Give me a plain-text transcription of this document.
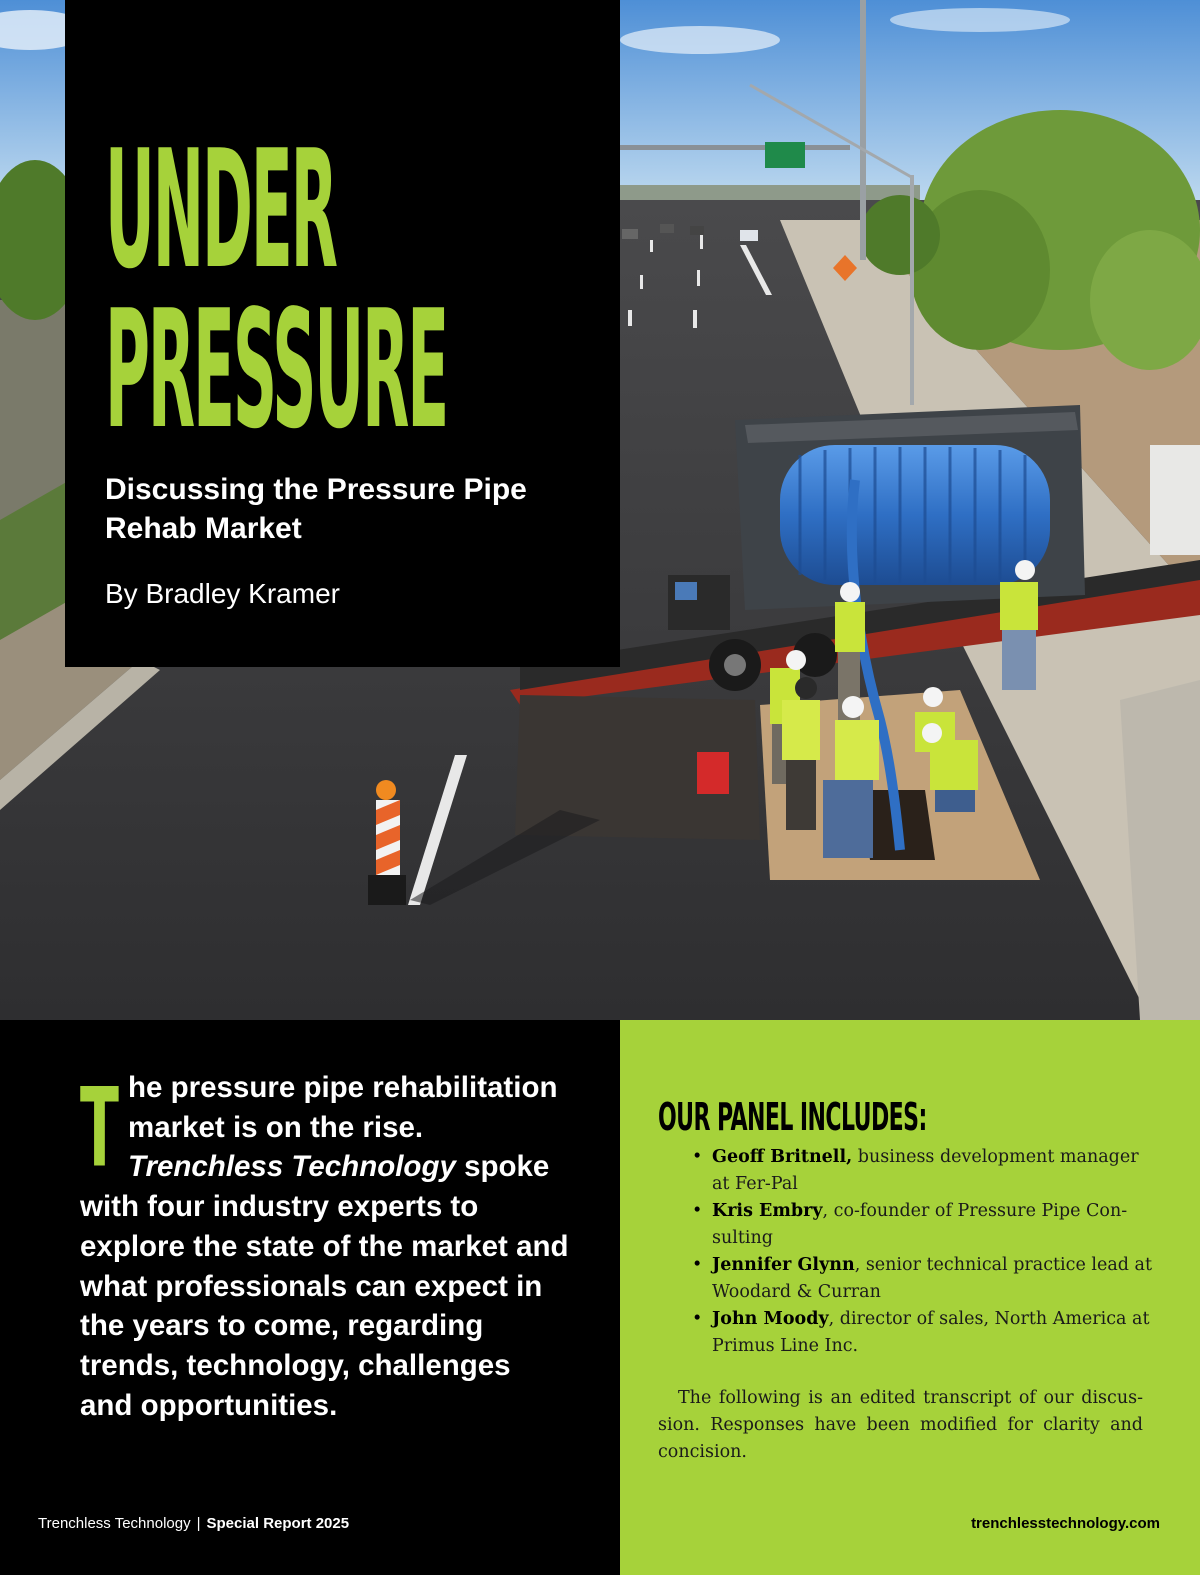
UNDER
PRESSURE

Discussing the Pressure Pipe Rehab Market

By Bradley Kramer

The pressure pipe rehabilitation market is on the rise. Trenchless Technology spoke with four industry experts to explore the state of the market and what professionals can expect in the years to come, regarding trends, technology, challenges and opportunities.

OUR PANEL INCLUDES:
• Geoff Britnell, business development manager at Fer-Pal
• Kris Embry, co-founder of Pressure Pipe Con-sulting
• Jennifer Glynn, senior technical practice lead at Woodard & Curran
• John Moody, director of sales, North America at Primus Line Inc.

The following is an edited transcript of our discus-sion. Responses have been modified for clarity and concision.

Trenchless Technology | Special Report 2025	trenchlesstechnology.com
